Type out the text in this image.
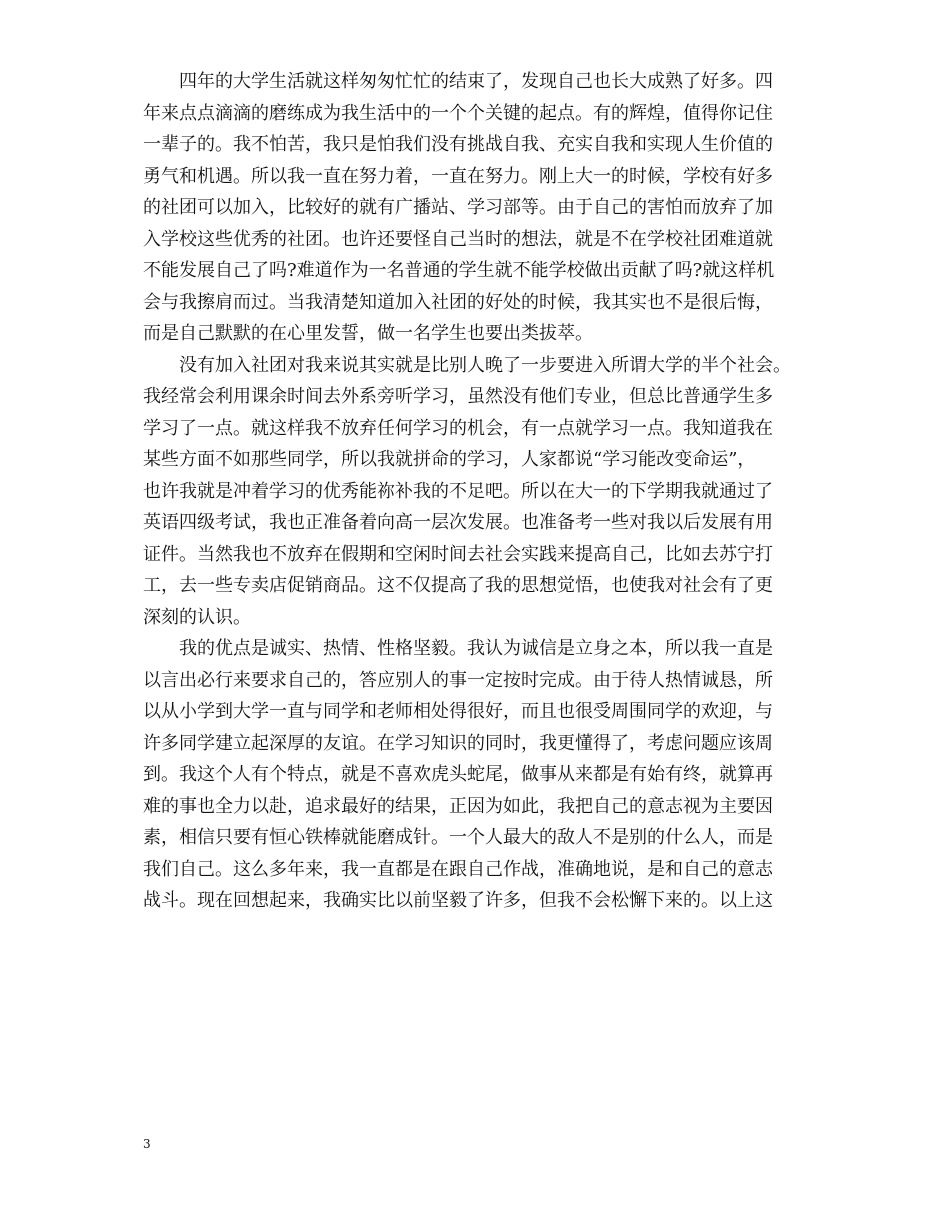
四年的大学生活就这样匆匆忙忙的结束了，发现自己也长大成熟了好多。四
年来点点滴滴的磨练成为我生活中的一个个关键的起点。有的辉煌，值得你记住
一辈子的。我不怕苦，我只是怕我们没有挑战自我、充实自我和实现人生价值的
勇气和机遇。所以我一直在努力着，一直在努力。刚上大一的时候，学校有好多
的社团可以加入，比较好的就有广播站、学习部等。由于自己的害怕而放弃了加
入学校这些优秀的社团。也许还要怪自己当时的想法，就是不在学校社团难道就
不能发展自己了吗?难道作为一名普通的学生就不能学校做出贡献了吗?就这样机
会与我擦肩而过。当我清楚知道加入社团的好处的时候，我其实也不是很后悔，
而是自己默默的在心里发誓，做一名学生也要出类拔萃。
没有加入社团对我来说其实就是比别人晚了一步要进入所谓大学的半个社会。
我经常会利用课余时间去外系旁听学习，虽然没有他们专业，但总比普通学生多
学习了一点。就这样我不放弃任何学习的机会，有一点就学习一点。我知道我在
某些方面不如那些同学，所以我就拼命的学习，人家都说“学习能改变命运”，
也许我就是冲着学习的优秀能祢补我的不足吧。所以在大一的下学期我就通过了
英语四级考试，我也正准备着向高一层次发展。也准备考一些对我以后发展有用
证件。当然我也不放弃在假期和空闲时间去社会实践来提高自己，比如去苏宁打
工，去一些专卖店促销商品。这不仅提高了我的思想觉悟，也使我对社会有了更
深刻的认识。
我的优点是诚实、热情、性格坚毅。我认为诚信是立身之本，所以我一直是
以言出必行来要求自己的，答应别人的事一定按时完成。由于待人热情诚恳，所
以从小学到大学一直与同学和老师相处得很好，而且也很受周围同学的欢迎，与
许多同学建立起深厚的友谊。在学习知识的同时，我更懂得了，考虑问题应该周
到。我这个人有个特点，就是不喜欢虎头蛇尾，做事从来都是有始有终，就算再
难的事也全力以赴，追求最好的结果，正因为如此，我把自己的意志视为主要因
素，相信只要有恒心铁棒就能磨成针。一个人最大的敌人不是别的什么人，而是
我们自己。这么多年来，我一直都是在跟自己作战，准确地说，是和自己的意志
战斗。现在回想起来，我确实比以前坚毅了许多，但我不会松懈下来的。以上这
3
